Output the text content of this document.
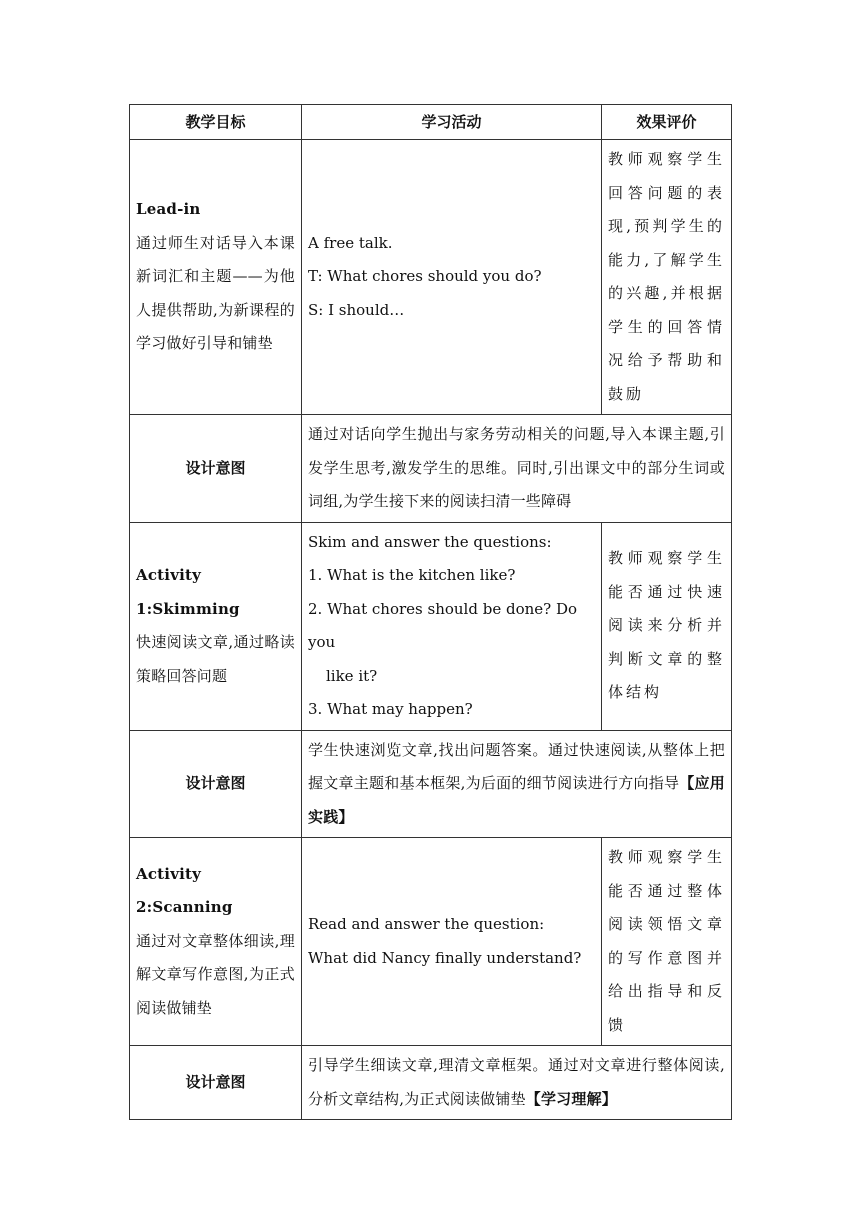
教学目标	学习活动	效果评价

Lead-in
通过师生对话导入本课新词汇和主题——为他人提供帮助,为新课程的学习做好引导和铺垫	A free talk.
T: What chores should you do?
S: I should…	教师观察学生回答问题的表现,预判学生的能力,了解学生的兴趣,并根据学生的回答情况给予帮助和鼓励
设计意图	通过对话向学生抛出与家务劳动相关的问题,导入本课主题,引发学生思考,激发学生的思维。同时,引出课文中的部分生词或词组,为学生接下来的阅读扫清一些障碍	

Activity 1:Skimming
快速阅读文章,通过略读策略回答问题	Skim and answer the questions:
1. What is the kitchen like?
2. What chores should be done? Do you
like it?
3. What may happen?	教师观察学生能否通过快速阅读来分析并判断文章的整体结构
设计意图	学生快速浏览文章,找出问题答案。通过快速阅读,从整体上把握文章主题和基本框架,为后面的细节阅读进行方向指导【应用实践】	

Activity 2:Scanning
通过对文章整体细读,理解文章写作意图,为正式阅读做铺垫	Read and answer the question:
What did Nancy finally understand?	教师观察学生能否通过整体阅读领悟文章的写作意图并给出指导和反馈
设计意图	引导学生细读文章,理清文章框架。通过对文章进行整体阅读,分析文章结构,为正式阅读做铺垫【学习理解】	
